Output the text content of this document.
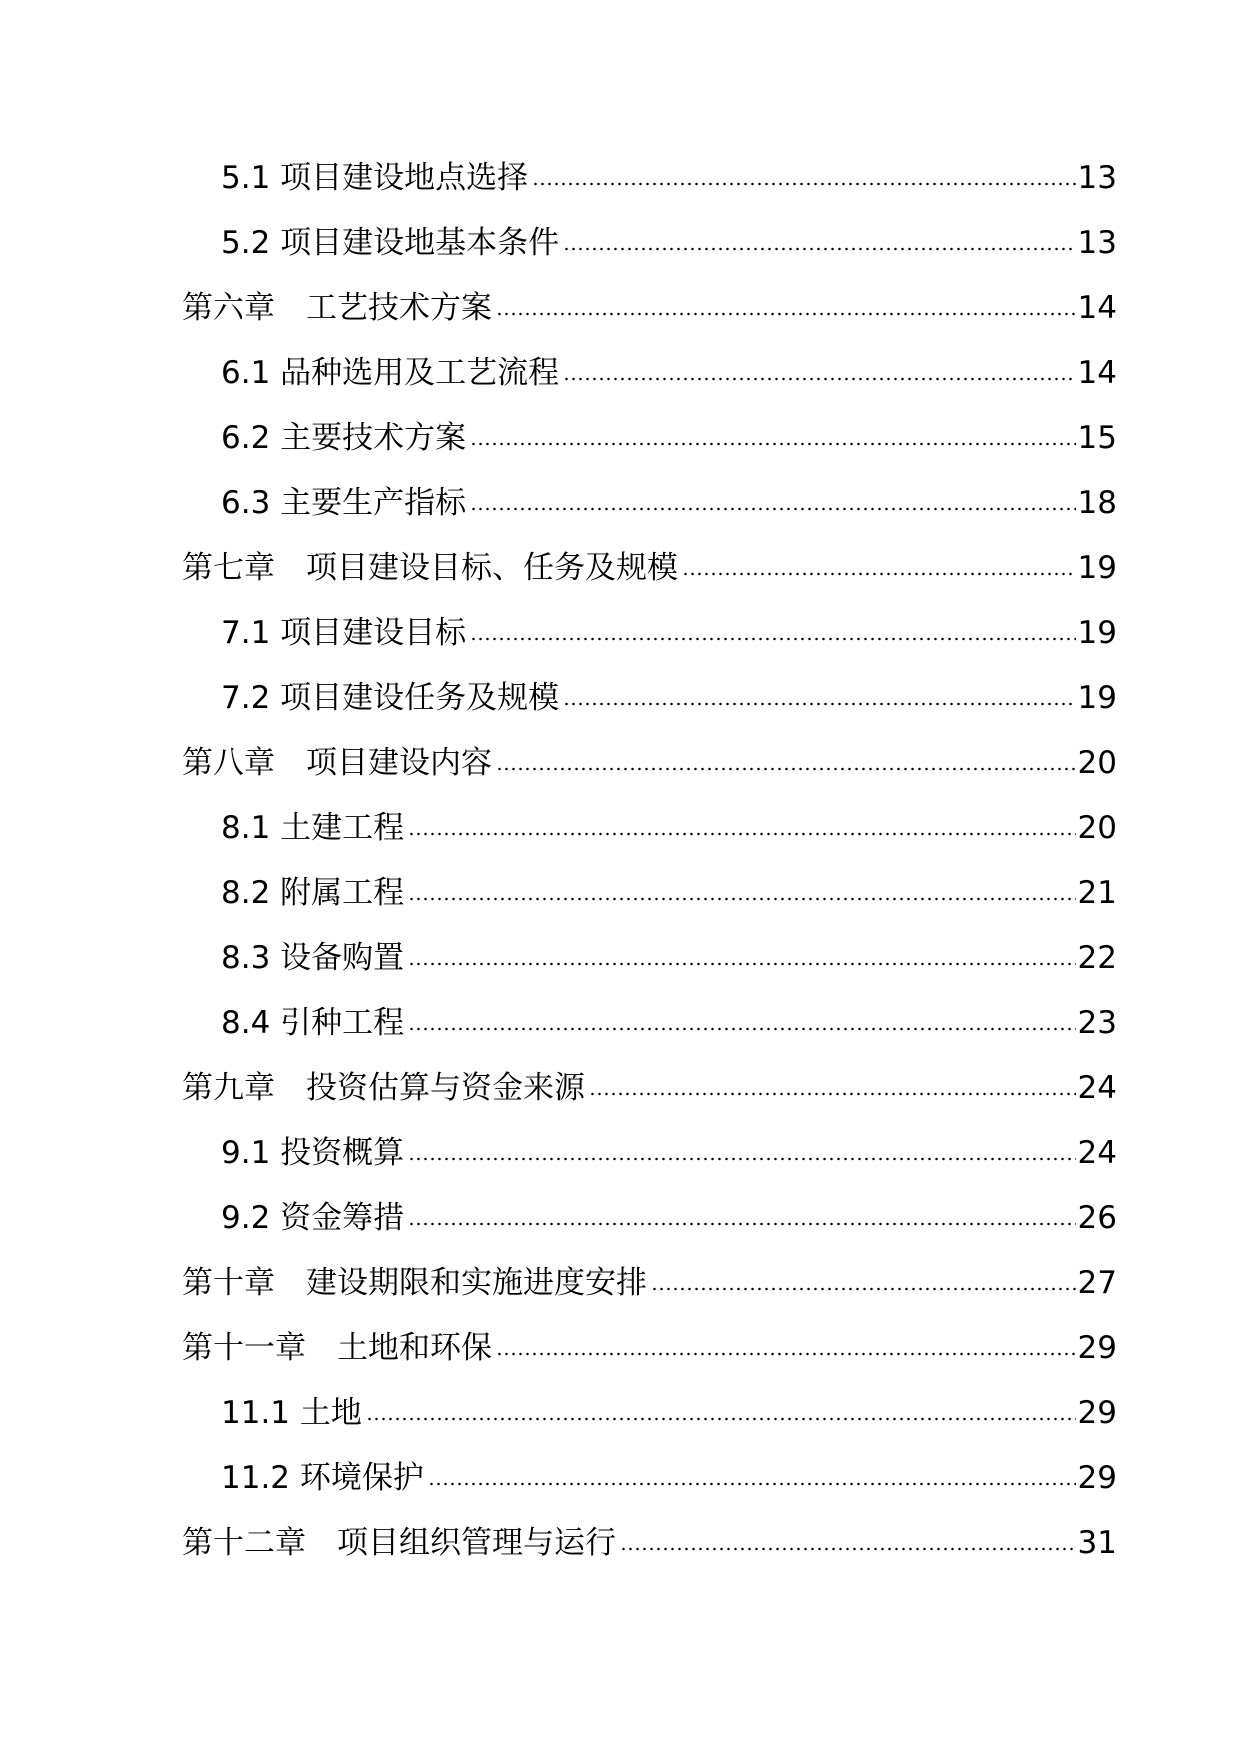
5.1 项目建设地点选择	13
5.2 项目建设地基本条件	13
第六章　工艺技术方案	14
6.1 品种选用及工艺流程	14
6.2 主要技术方案	15
6.3 主要生产指标	18
第七章　项目建设目标、任务及规模	19
7.1 项目建设目标	19
7.2 项目建设任务及规模	19
第八章　项目建设内容	20
8.1 土建工程	20
8.2 附属工程	21
8.3 设备购置	22
8.4 引种工程	23
第九章　投资估算与资金来源	24
9.1 投资概算	24
9.2 资金筹措	26
第十章　建设期限和实施进度安排	27
第十一章　土地和环保	29
11.1 土地	29
11.2 环境保护	29
第十二章　项目组织管理与运行	31
